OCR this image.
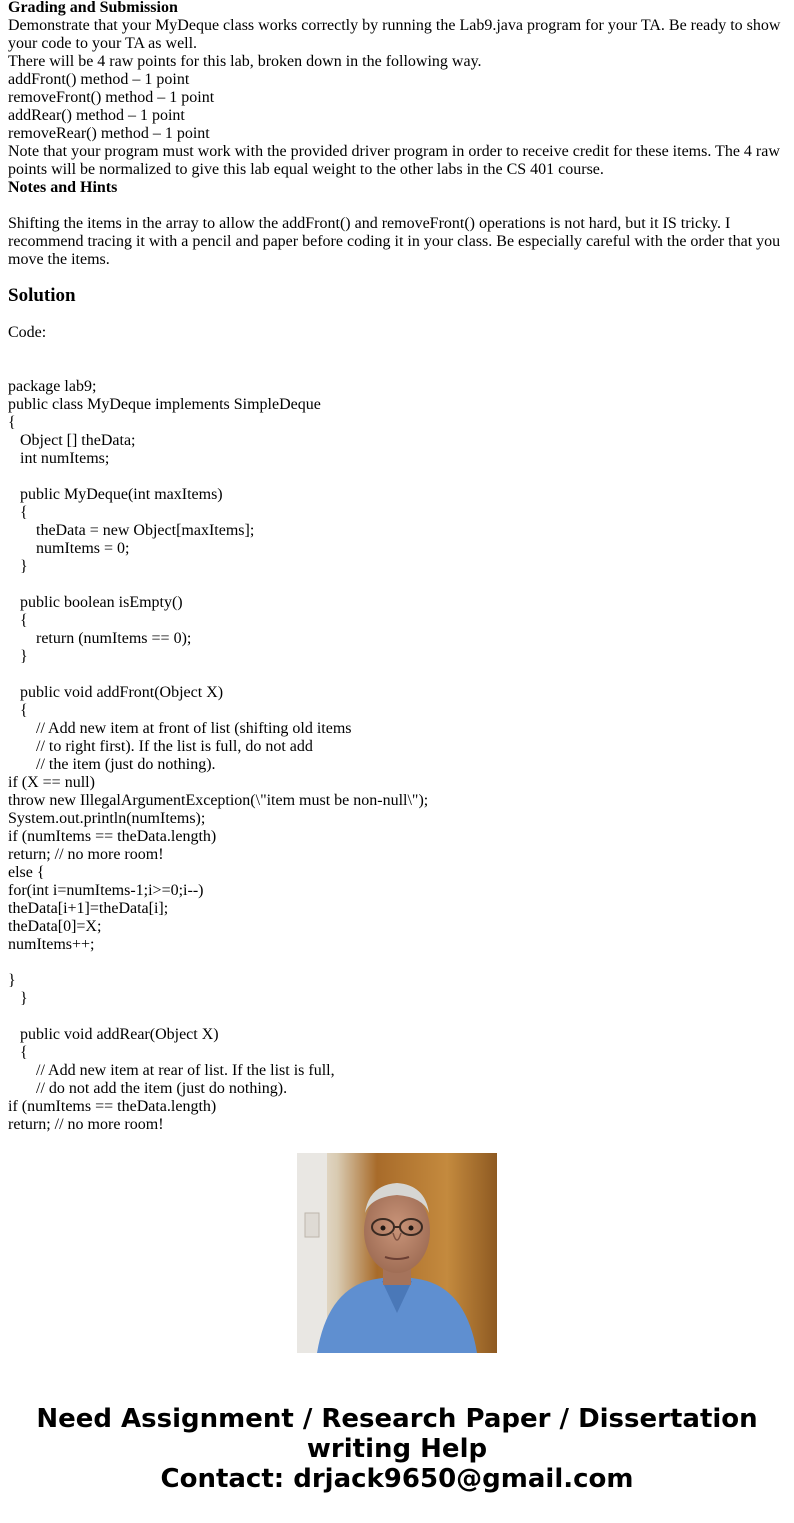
Grading and Submission
Demonstrate that your MyDeque class works correctly by running the Lab9.java program for your TA. Be ready to show your code to your TA as well.
There will be 4 raw points for this lab, broken down in the following way.
addFront() method – 1 point
removeFront() method – 1 point
addRear() method – 1 point
removeRear() method – 1 point
Note that your program must work with the provided driver program in order to receive credit for these items. The 4 raw points will be normalized to give this lab equal weight to the other labs in the CS 401 course.
Notes and Hints
Shifting the items in the array to allow the addFront() and removeFront() operations is not hard, but it IS tricky. I recommend tracing it with a pencil and paper before coding it in your class. Be especially careful with the order that you move the items.
Solution
Code:
package lab9;
public class MyDeque implements SimpleDeque
{
Object [] theData;
int numItems;
public MyDeque(int maxItems)
{
theData = new Object[maxItems];
numItems = 0;
}
public boolean isEmpty()
{
return (numItems == 0);
}
public void addFront(Object X)
{
// Add new item at front of list (shifting old items
// to right first). If the list is full, do not add
// the item (just do nothing).
if (X == null)
throw new IllegalArgumentException(\"item must be non-null\");
System.out.println(numItems);
if (numItems == theData.length)
return; // no more room!
else {
for(int i=numItems-1;i>=0;i--)
theData[i+1]=theData[i];
theData[0]=X;
numItems++;
}
}
public void addRear(Object X)
{
// Add new item at rear of list. If the list is full,
// do not add the item (just do nothing).
if (numItems == theData.length)
return; // no more room!
Need Assignment / Research Paper / Dissertation
writing Help
Contact: drjack9650@gmail.com
